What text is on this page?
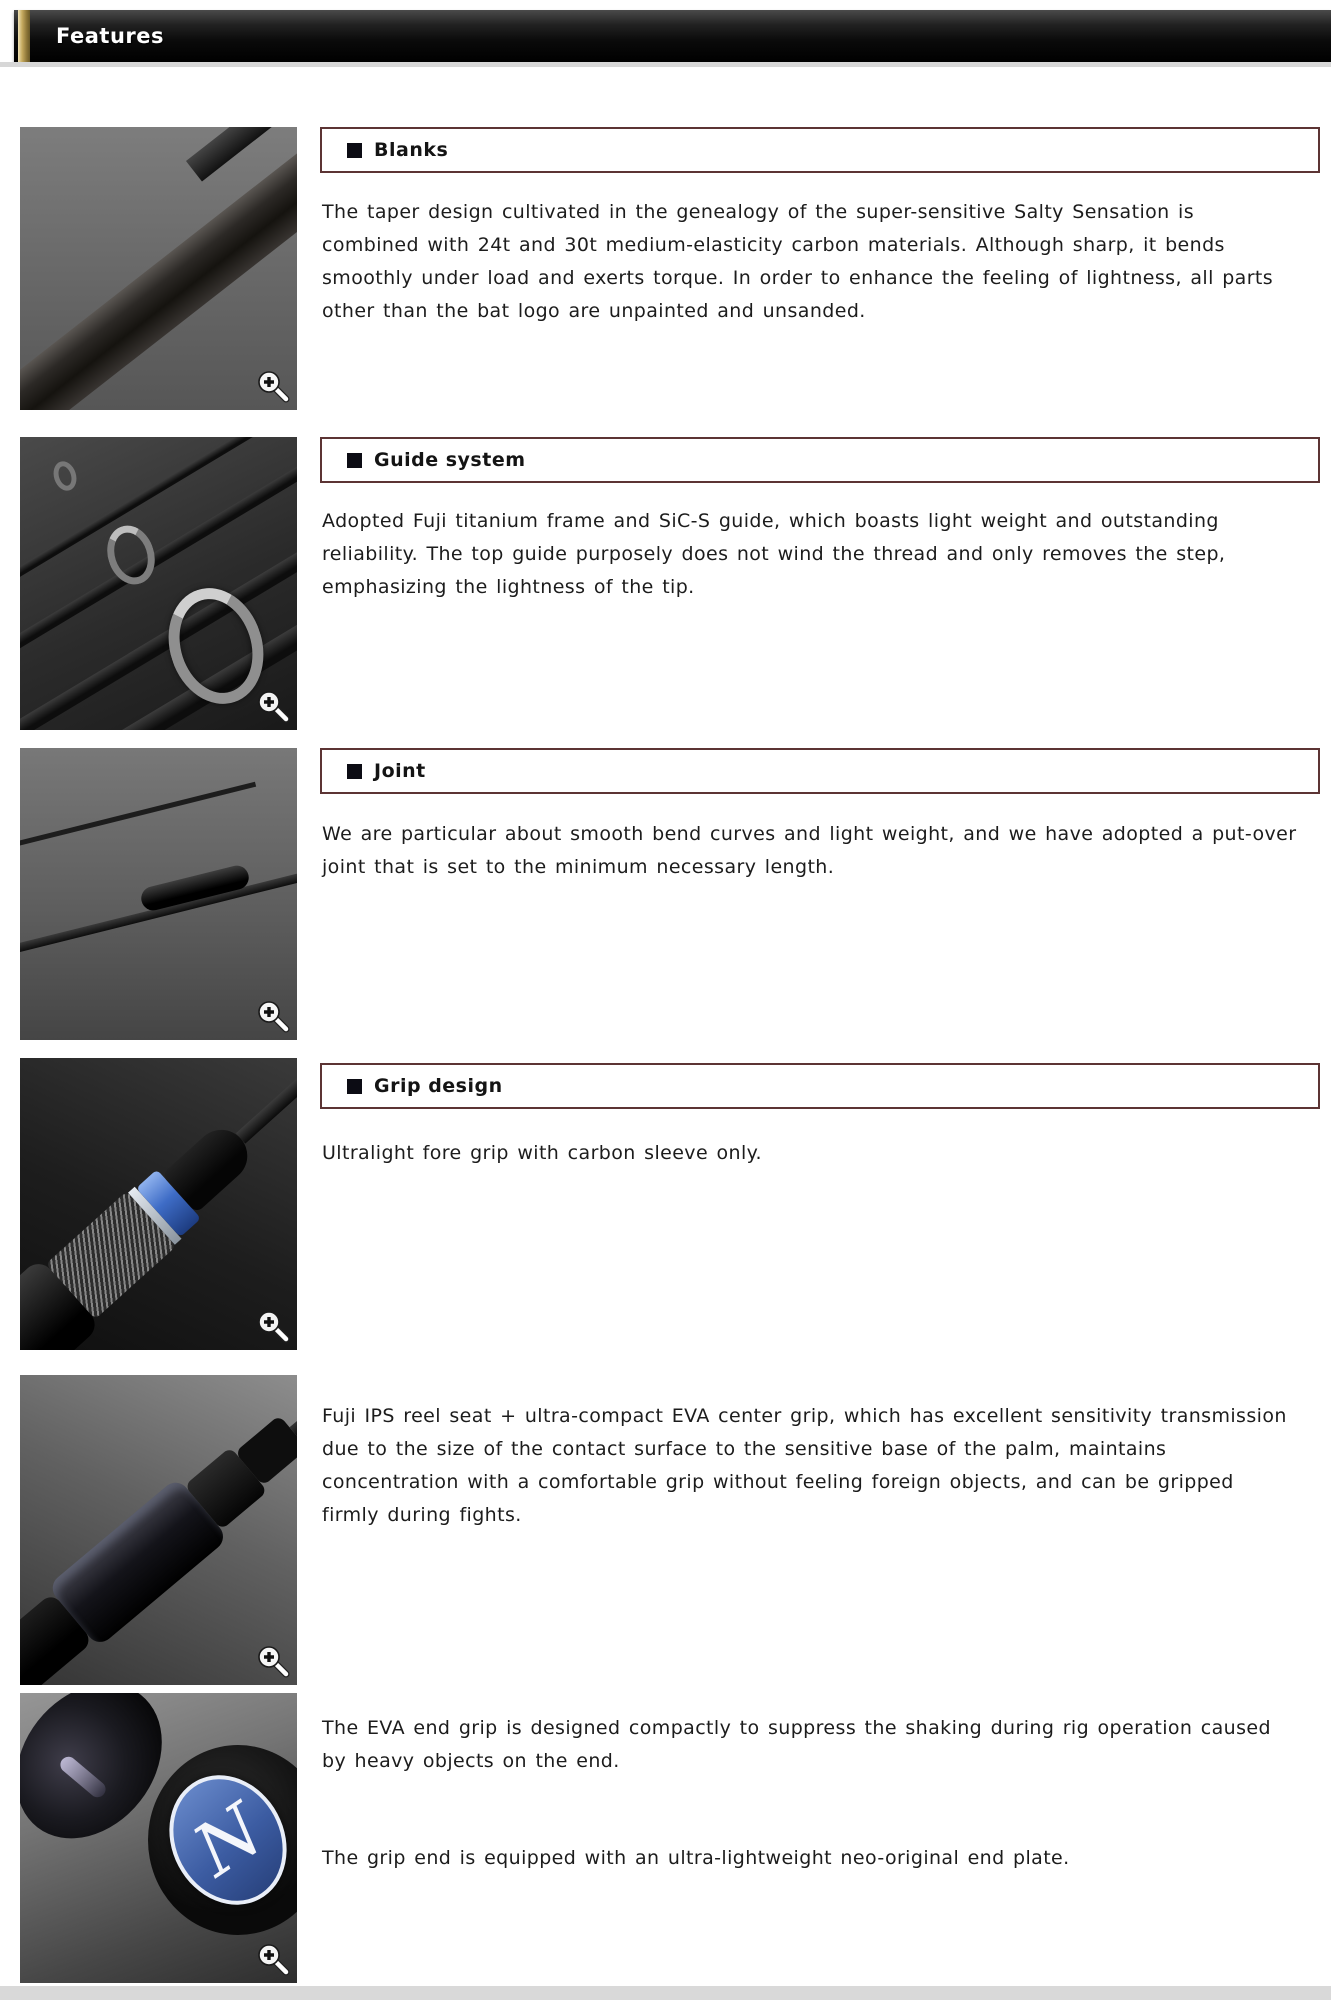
Features
Blanks
The taper design cultivated in the genealogy of the super-sensitive Salty Sensation is combined with 24t and 30t medium-elasticity carbon materials. Although sharp, it bends smoothly under load and exerts torque. In order to enhance the feeling of lightness, all parts other than the bat logo are unpainted and unsanded.
Guide system
Adopted Fuji titanium frame and SiC-S guide, which boasts light weight and outstanding reliability. The top guide purposely does not wind the thread and only removes the step, emphasizing the lightness of the tip.
Joint
We are particular about smooth bend curves and light weight, and we have adopted a put-over joint that is set to the minimum necessary length.
Grip design
Ultralight fore grip with carbon sleeve only.
Fuji IPS reel seat + ultra-compact EVA center grip, which has excellent sensitivity transmission due to the size of the contact surface to the sensitive base of the palm, maintains concentration with a comfortable grip without feeling foreign objects, and can be gripped firmly during fights.
N
The EVA end grip is designed compactly to suppress the shaking during rig operation caused by heavy objects on the end.
The grip end is equipped with an ultra-lightweight neo-original end plate.
